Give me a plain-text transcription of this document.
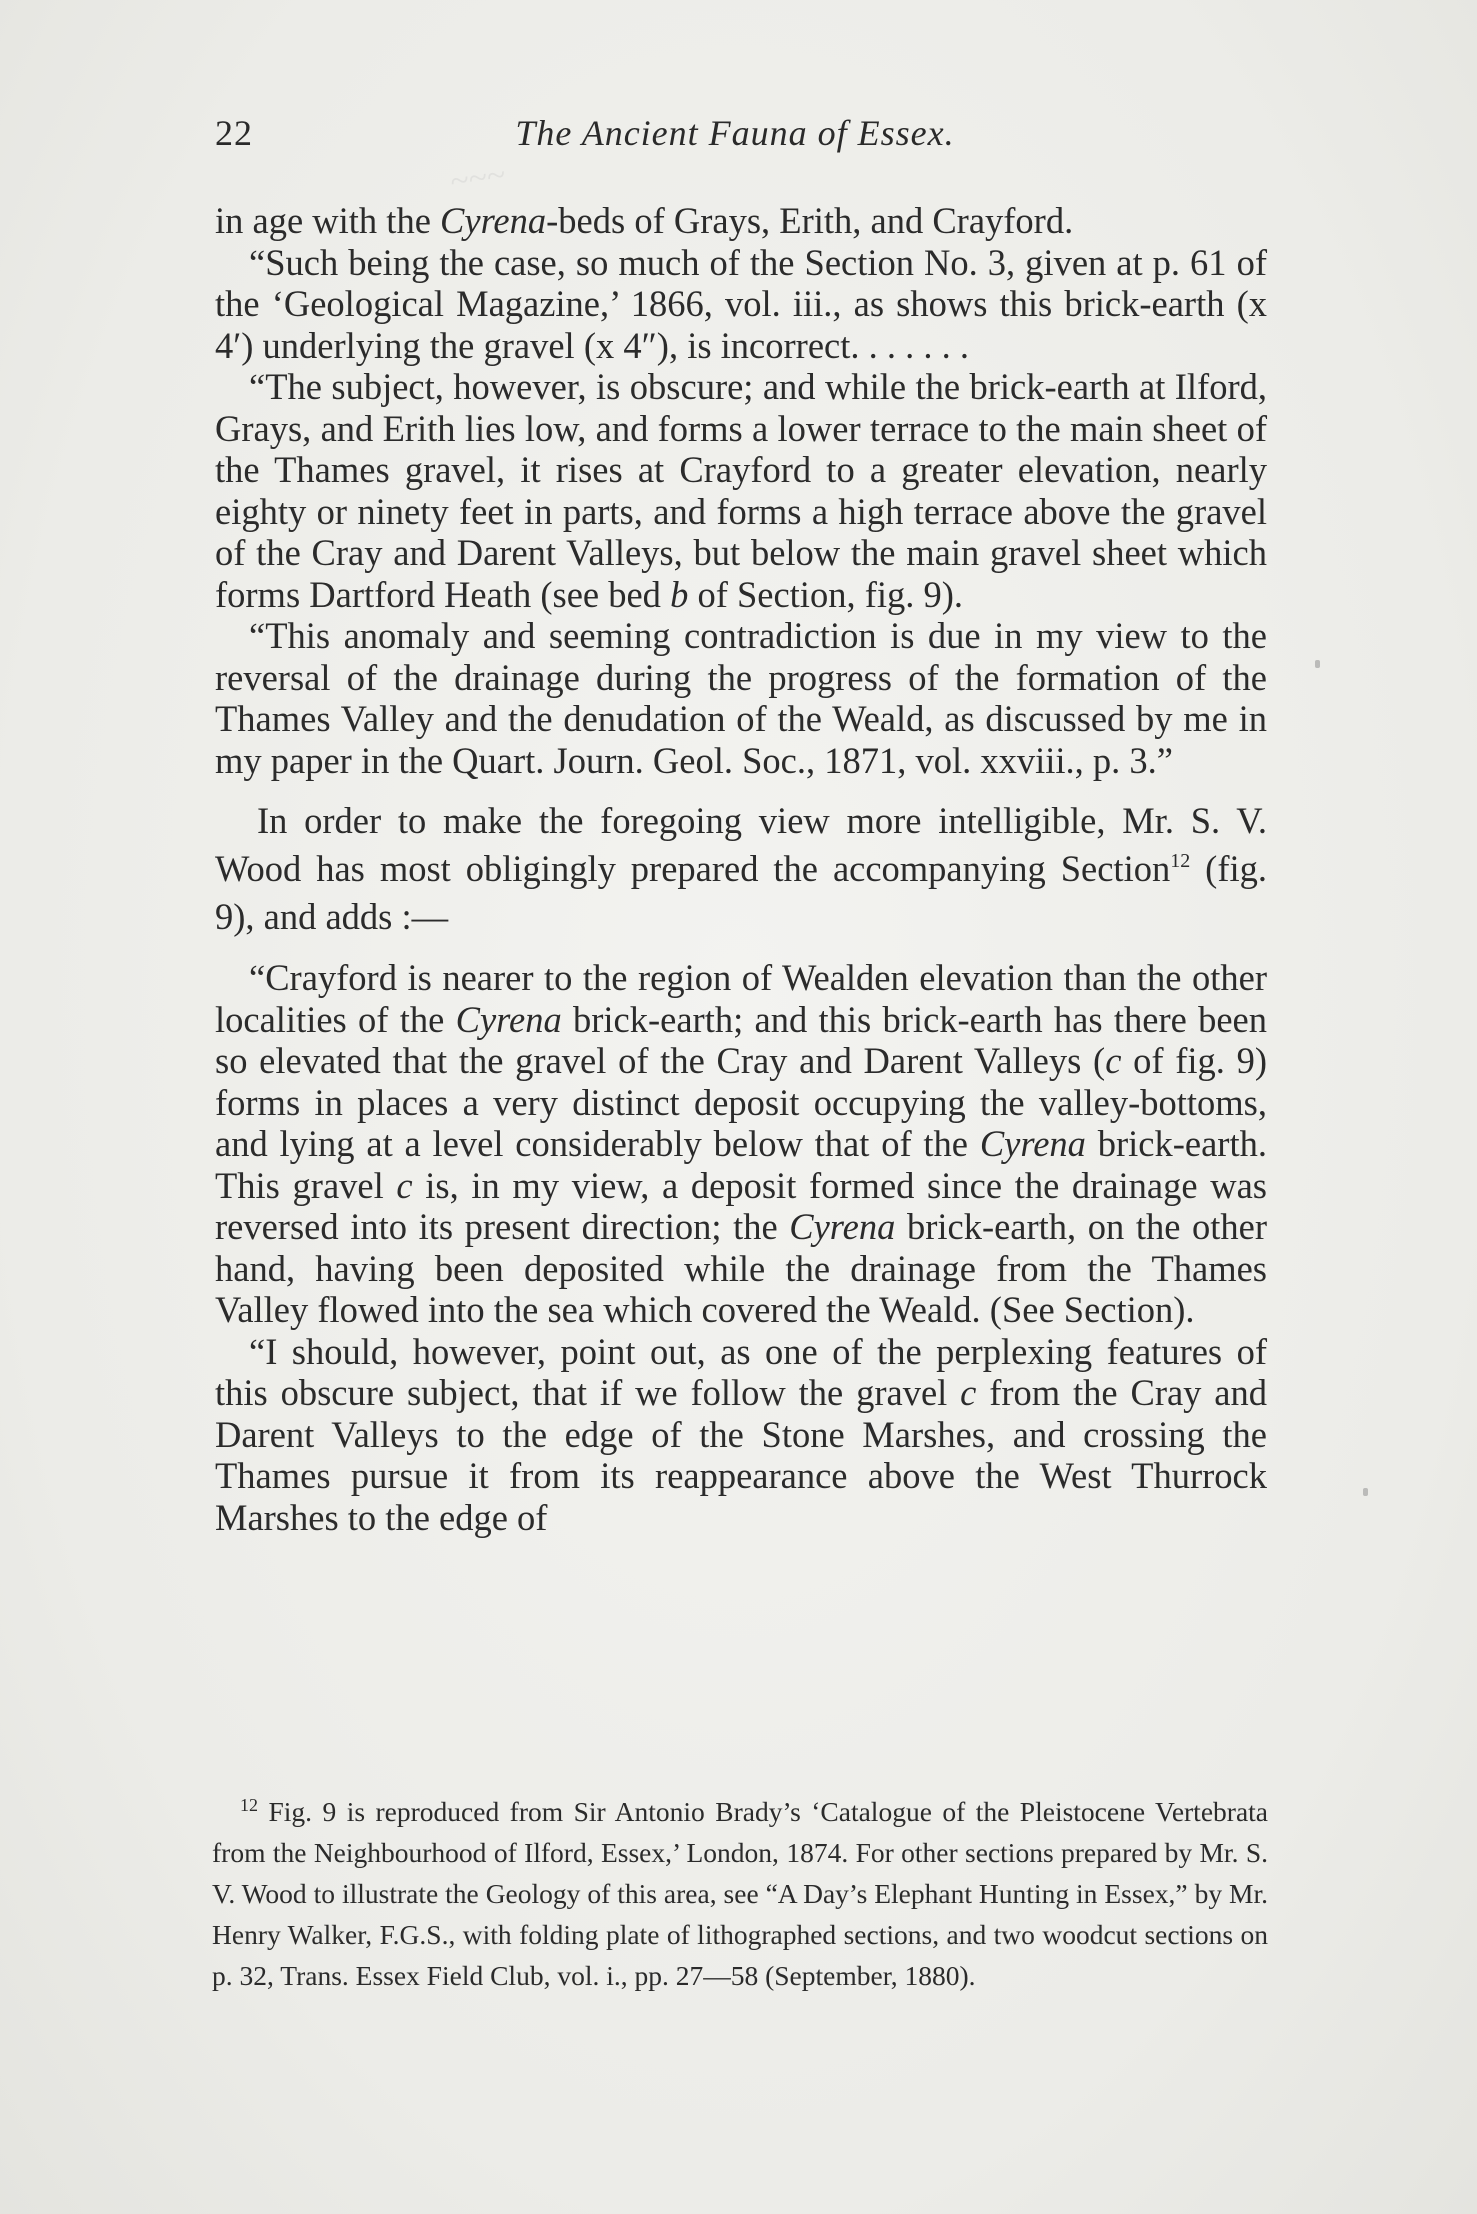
~~~
22	The Ancient Fauna of Essex.

in age with the Cyrena-beds of Grays, Erith, and Crayford.

“Such being the case, so much of the Section No. 3, given at p. 61 of the ‘Geological Magazine,’ 1866, vol. iii., as shows this brick-earth (x 4′) underlying the gravel (x 4″), is incorrect. . . . . . .

“The subject, however, is obscure; and while the brick-earth at Ilford, Grays, and Erith lies low, and forms a lower terrace to the main sheet of the Thames gravel, it rises at Crayford to a greater elevation, nearly eighty or ninety feet in parts, and forms a high terrace above the gravel of the Cray and Darent Valleys, but below the main gravel sheet which forms Dartford Heath (see bed b of Section, fig. 9).

“This anomaly and seeming contradiction is due in my view to the reversal of the drainage during the progress of the formation of the Thames Valley and the denudation of the Weald, as discussed by me in my paper in the Quart. Journ. Geol. Soc., 1871, vol. xxviii., p. 3.”

In order to make the foregoing view more intelligible, Mr. S. V. Wood has most obligingly prepared the accompanying Section$^{12}$ (fig. 9), and adds :—

“Crayford is nearer to the region of Wealden elevation than the other localities of the Cyrena brick-earth; and this brick-earth has there been so elevated that the gravel of the Cray and Darent Valleys (c of fig. 9) forms in places a very distinct deposit occupying the valley-bottoms, and lying at a level considerably below that of the Cyrena brick-earth. This gravel c is, in my view, a deposit formed since the drainage was reversed into its present direction; the Cyrena brick-earth, on the other hand, having been deposited while the drainage from the Thames Valley flowed into the sea which covered the Weald. (See Section).

“I should, however, point out, as one of the perplexing features of this obscure subject, that if we follow the gravel c from the Cray and Darent Valleys to the edge of the Stone Marshes, and crossing the Thames pursue it from its reappearance above the West Thurrock Marshes to the edge of

$^{12}$ Fig. 9 is reproduced from Sir Antonio Brady’s ‘Catalogue of the Pleistocene Vertebrata from the Neighbourhood of Ilford, Essex,’ London, 1874. For other sections prepared by Mr. S. V. Wood to illustrate the Geology of this area, see “A Day’s Elephant Hunting in Essex,” by Mr. Henry Walker, F.G.S., with folding plate of lithographed sections, and two woodcut sections on p. 32, Trans. Essex Field Club, vol. i., pp. 27—58 (September, 1880).
